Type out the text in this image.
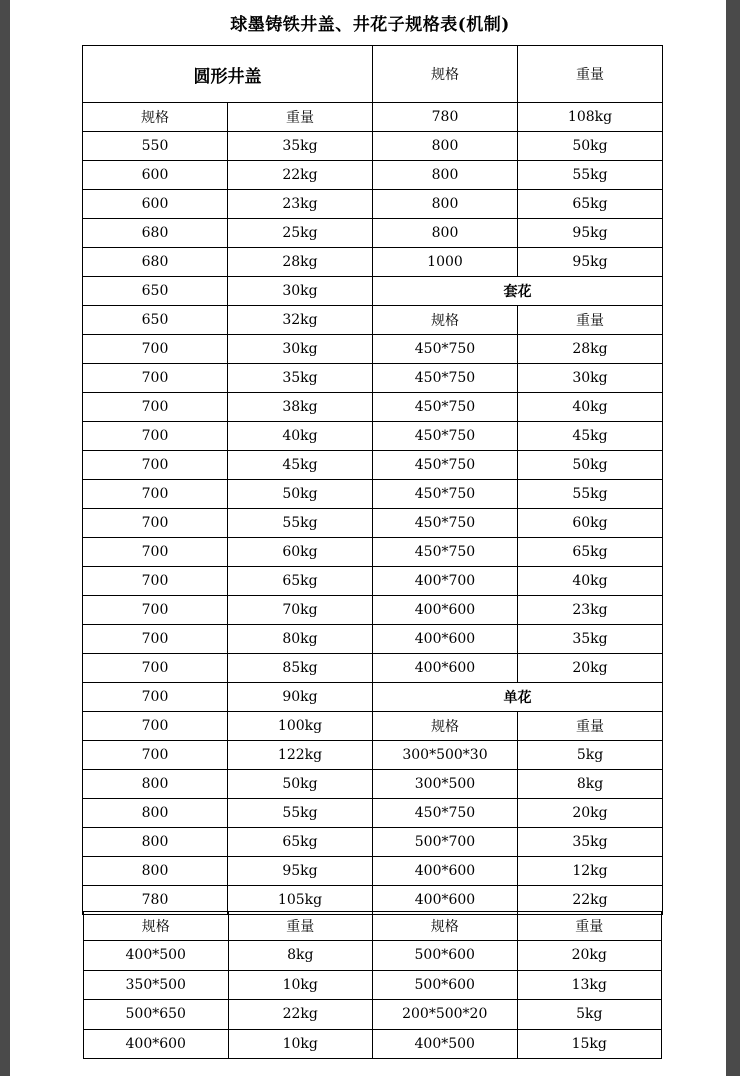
球墨铸铁井盖、井花子规格表(机制)
圆形井盖		规格	重量
规格	重量	780	108kg
550	35kg	800	50kg
600	22kg	800	55kg
600	23kg	800	65kg
680	25kg	800	95kg
680	28kg	1000	95kg
650	30kg	套花	
650	32kg	规格	重量
700	30kg	450*750	28kg
700	35kg	450*750	30kg
700	38kg	450*750	40kg
700	40kg	450*750	45kg
700	45kg	450*750	50kg
700	50kg	450*750	55kg
700	55kg	450*750	60kg
700	60kg	450*750	65kg
700	65kg	400*700	40kg
700	70kg	400*600	23kg
700	80kg	400*600	35kg
700	85kg	400*600	20kg
700	90kg	单花	
700	100kg	规格	重量
700	122kg	300*500*30	5kg
800	50kg	300*500	8kg
800	55kg	450*750	20kg
800	65kg	500*700	35kg
800	95kg	400*600	12kg
780	105kg	400*600	22kg
规格	重量	规格	重量
400*500	8kg	500*600	20kg
350*500	10kg	500*600	13kg
500*650	22kg	200*500*20	5kg
400*600	10kg	400*500	15kg
